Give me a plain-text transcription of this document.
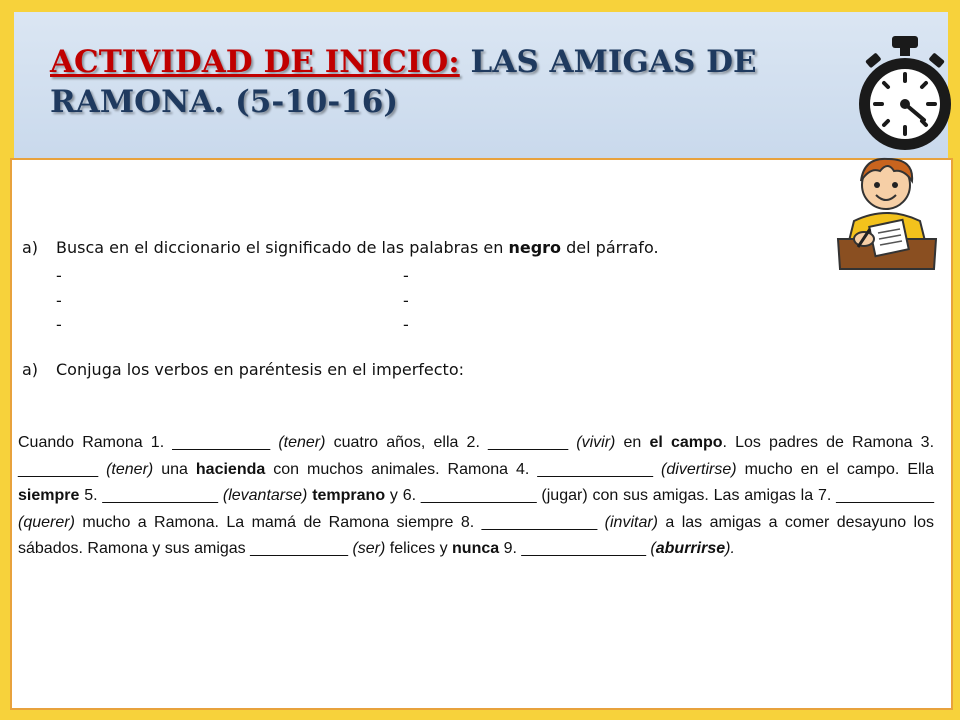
ACTIVIDAD DE INICIO: LAS AMIGAS DE RAMONA. (5-10-16)
a) Busca en el diccionario el significado de las palabras en negro del párrafo.
-	-
-	-
-	-
a) Conjuga los verbos en paréntesis en el imperfecto:

Cuando Ramona 1. ___________ (tener) cuatro años, ella 2. _________ (vivir) en el campo. Los padres de Ramona 3. _________ (tener) una hacienda con muchos animales. Ramona 4. _____________ (divertirse) mucho en el campo. Ella siempre 5. _____________ (levantarse) temprano y 6. _____________ (jugar) con sus amigas. Las amigas la 7. ___________ (querer) mucho a Ramona. La mamá de Ramona siempre 8. _____________ (invitar) a las amigas a comer desayuno los sábados. Ramona y sus amigas ___________ (ser) felices y nunca 9. ______________ (aburrirse).
